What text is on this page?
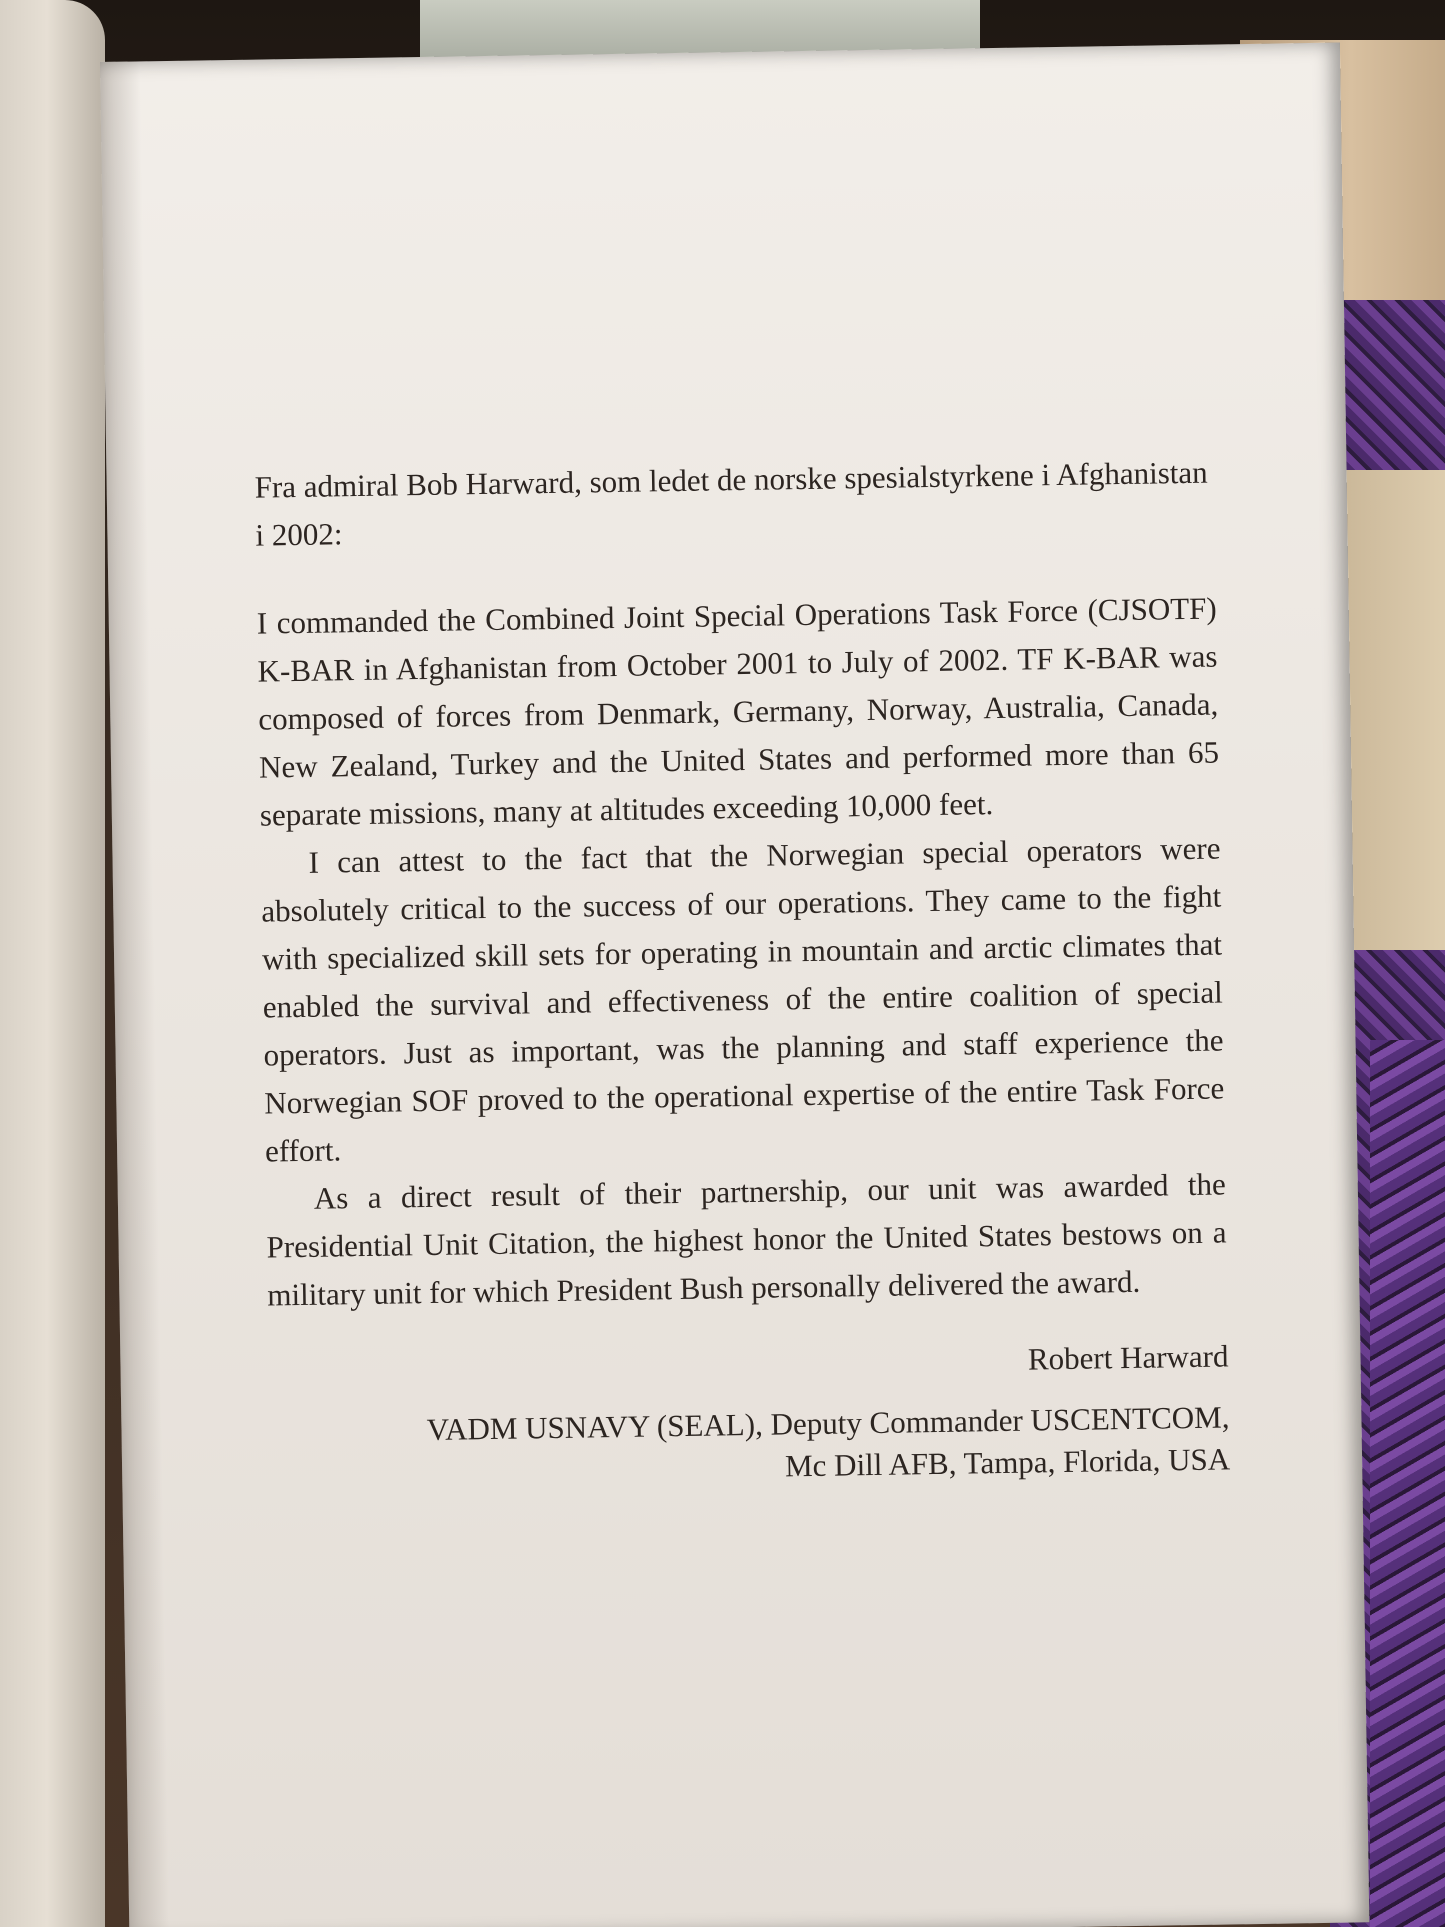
Fra admiral Bob Harward, som ledet de norske spesialstyrkene i Afghanistan i 2002:

I commanded the Combined Joint Special Operations Task Force (CJSOTF) K-BAR in Afghanistan from October 2001 to July of 2002. TF K-BAR was composed of forces from Denmark, Germany, Norway, Australia, Canada, New Zealand, Turkey and the United States and performed more than 65 separate missions, many at altitudes exceeding 10,000 feet.

I can attest to the fact that the Norwegian special operators were absolutely critical to the success of our operations. They came to the fight with specialized skill sets for operating in mountain and arctic climates that enabled the survival and effectiveness of the entire coalition of special operators. Just as important, was the planning and staff experience the Norwegian SOF proved to the operational expertise of the entire Task Force effort.

As a direct result of their partnership, our unit was awarded the Presidential Unit Citation, the highest honor the United States bestows on a military unit for which President Bush personally delivered the award.

Robert Harward
VADM USNAVY (SEAL), Deputy Commander USCENTCOM,
Mc Dill AFB, Tampa, Florida, USA
